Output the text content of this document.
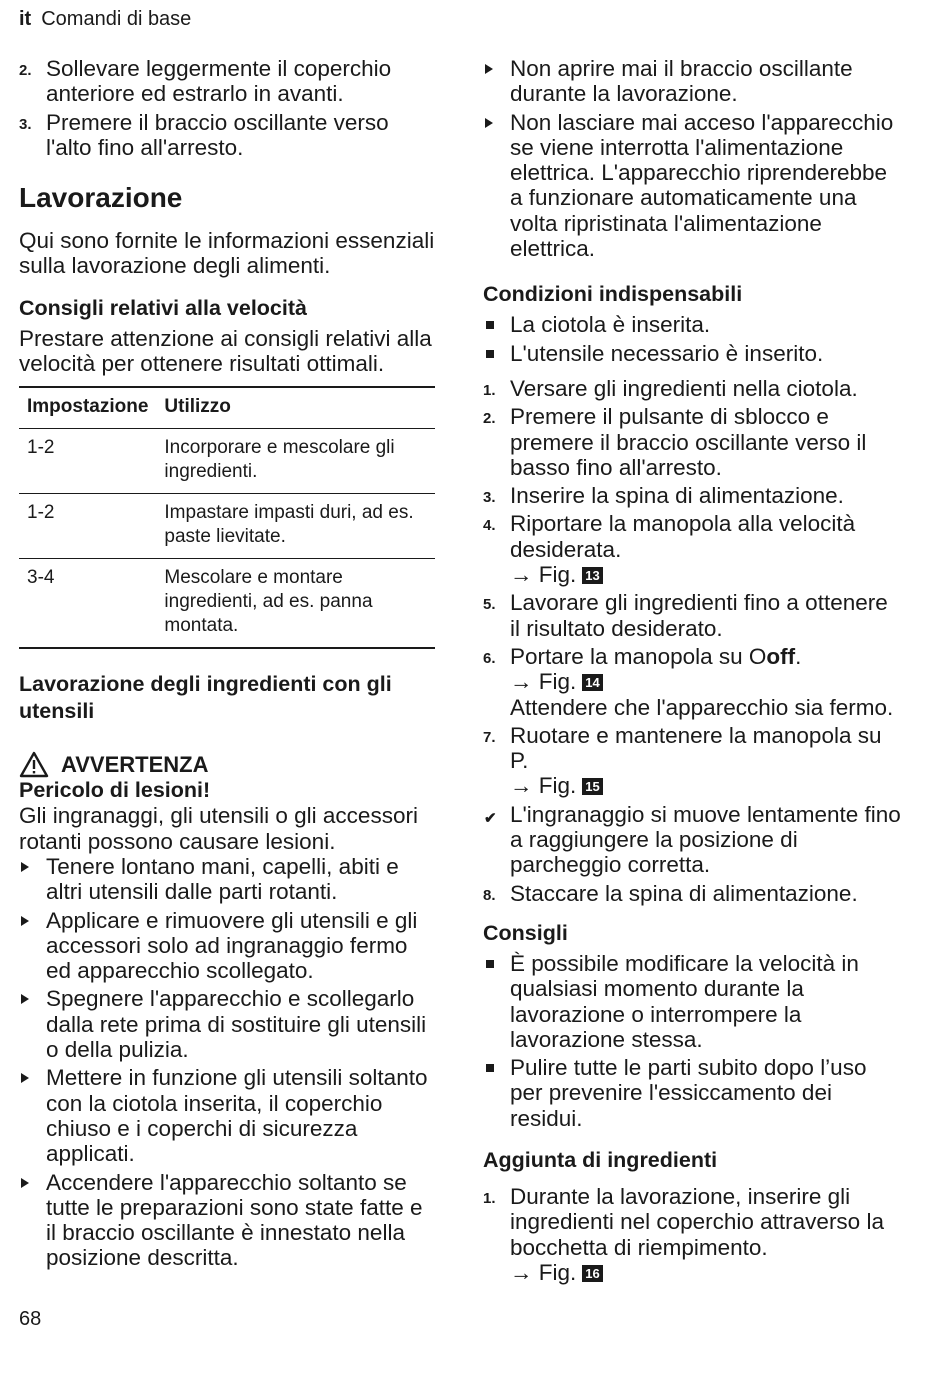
it Comandi di base
2. Sollevare leggermente il coperchio anteriore ed estrarlo in avanti.
3. Premere il braccio oscillante verso l'alto fino all'arresto.
Lavorazione

Qui sono fornite le informazioni essenziali sulla lavorazione degli alimenti.

Consigli relativi alla velocità

Prestare attenzione ai consigli relativi alla velocità per ottenere risultati ottimali.

Impostazione	Utilizzo
1-2	Incorporare e mescolare gli ingredienti.
1-2	Impastare impasti duri, ad es. paste lievitate.
3-4	Mescolare e montare ingredienti, ad es. panna montata.
Lavorazione degli ingredienti con gli utensili
AVVERTENZA
Pericolo di lesioni!

Gli ingranaggi, gli utensili o gli accessori rotanti possono causare lesioni.

Tenere lontano mani, capelli, abiti e altri utensili dalle parti rotanti.
Applicare e rimuovere gli utensili e gli accessori solo ad ingranaggio fermo ed apparecchio scollegato.
Spegnere l'apparecchio e scollegarlo dalla rete prima di sostituire gli utensili o della pulizia.
Mettere in funzione gli utensili soltanto con la ciotola inserita, il coperchio chiuso e i coperchi di sicurezza applicati.
Accendere l'apparecchio soltanto se tutte le preparazioni sono state fatte e il braccio oscillante è innestato nella posizione descritta.
Non aprire mai il braccio oscillante durante la lavorazione.
Non lasciare mai acceso l'apparecchio se viene interrotta l'alimentazione elettrica. L'apparecchio riprenderebbe a funzionare automaticamente una volta ripristinata l'alimentazione elettrica.
Condizioni indispensabili
La ciotola è inserita.
L'utensile necessario è inserito.
1. Versare gli ingredienti nella ciotola.
2. Premere il pulsante di sblocco e premere il braccio oscillante verso il basso fino all'arresto.
3. Inserire la spina di alimentazione.
4. Riportare la manopola alla velocità desiderata.
→ Fig. 13
5. Lavorare gli ingredienti fino a ottenere il risultato desiderato.
6. Portare la manopola su Ooff.
→ Fig. 14
Attendere che l'apparecchio sia fermo.
7. Ruotare e mantenere la manopola su P.
→ Fig. 15
✔ L'ingranaggio si muove lentamente fino a raggiungere la posizione di parcheggio corretta.
8. Staccare la spina di alimentazione.
Consigli
È possibile modificare la velocità in qualsiasi momento durante la lavorazione o interrompere la lavorazione stessa.
Pulire tutte le parti subito dopo l’uso per prevenire l'essiccamento dei residui.
Aggiunta di ingredienti
1. Durante la lavorazione, inserire gli ingredienti nel coperchio attraverso la bocchetta di riempimento.
→ Fig. 16
68
